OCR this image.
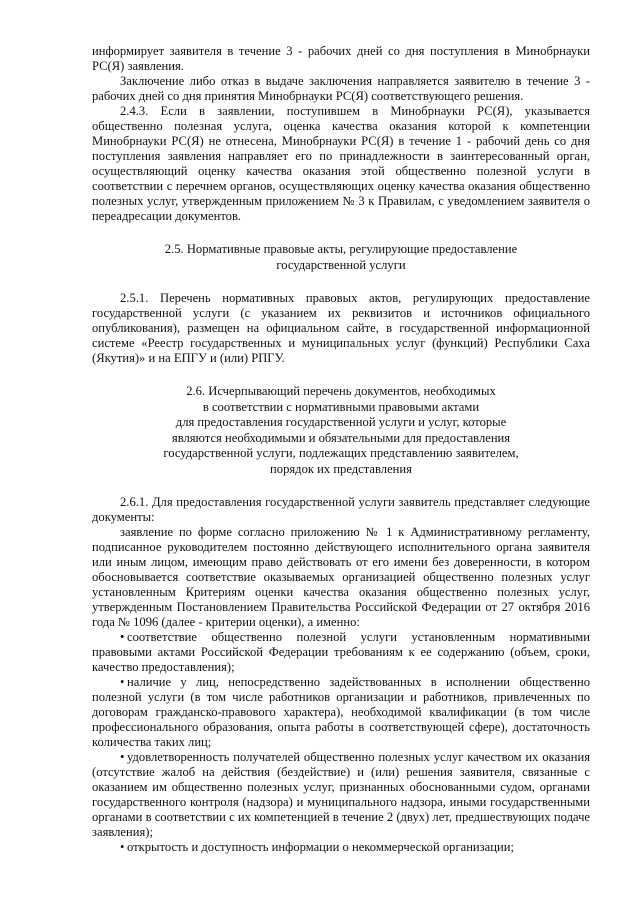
информирует заявителя в течение 3 - рабочих дней со дня поступления в Минобрнауки РС(Я) заявления.

Заключение либо отказ в выдаче заключения направляется заявителю в течение 3 - рабочих дней со дня принятия Минобрнауки РС(Я) соответствующего решения.

2.4.3. Если в заявлении, поступившем в Минобрнауки РС(Я), указывается общественно полезная услуга, оценка качества оказания которой к компетенции Минобрнауки РС(Я) не отнесена, Минобрнауки РС(Я) в течение 1 - рабочий день со дня поступления заявления направляет его по принадлежности в заинтересованный орган, осуществляющий оценку качества оказания этой общественно полезной услуги в соответствии с перечнем органов, осуществляющих оценку качества оказания общественно полезных услуг, утвержденным приложением № 3 к Правилам, с уведомлением заявителя о переадресации документов.

2.5. Нормативные правовые акты, регулирующие предоставление

государственной услуги

2.5.1. Перечень нормативных правовых актов, регулирующих предоставление государственной услуги (с указанием их реквизитов и источников официального опубликования), размещен на официальном сайте, в государственной информационной системе «Реестр государственных и муниципальных услуг (функций) Республики Саха (Якутия)» и на ЕПГУ и (или) РПГУ.

2.6. Исчерпывающий перечень документов, необходимых

в соответствии с нормативными правовыми актами

для предоставления государственной услуги и услуг, которые

являются необходимыми и обязательными для предоставления

государственной услуги, подлежащих представлению заявителем,

порядок их представления

2.6.1. Для предоставления государственной услуги заявитель представляет следующие документы:

заявление по форме согласно приложению № 1 к Административному регламенту, подписанное руководителем постоянно действующего исполнительного органа заявителя или иным лицом, имеющим право действовать от его имени без доверенности, в котором обосновывается соответствие оказываемых организацией общественно полезных услуг установленным Критериям оценки качества оказания общественно полезных услуг, утвержденным Постановлением Правительства Российской Федерации от 27 октября 2016 года № 1096 (далее - критерии оценки), а именно:

• соответствие общественно полезной услуги установленным нормативными правовыми актами Российской Федерации требованиям к ее содержанию (объем, сроки, качество предоставления);

• наличие у лиц, непосредственно задействованных в исполнении общественно полезной услуги (в том числе работников организации и работников, привлеченных по договорам гражданско-правового характера), необходимой квалификации (в том числе профессионального образования, опыта работы в соответствующей сфере), достаточность количества таких лиц;

• удовлетворенность получателей общественно полезных услуг качеством их оказания (отсутствие жалоб на действия (бездействие) и (или) решения заявителя, связанные с оказанием им общественно полезных услуг, признанных обоснованными судом, органами государственного контроля (надзора) и муниципального надзора, иными государственными органами в соответствии с их компетенцией в течение 2 (двух) лет, предшествующих подаче заявления);

• открытость и доступность информации о некоммерческой организации;
